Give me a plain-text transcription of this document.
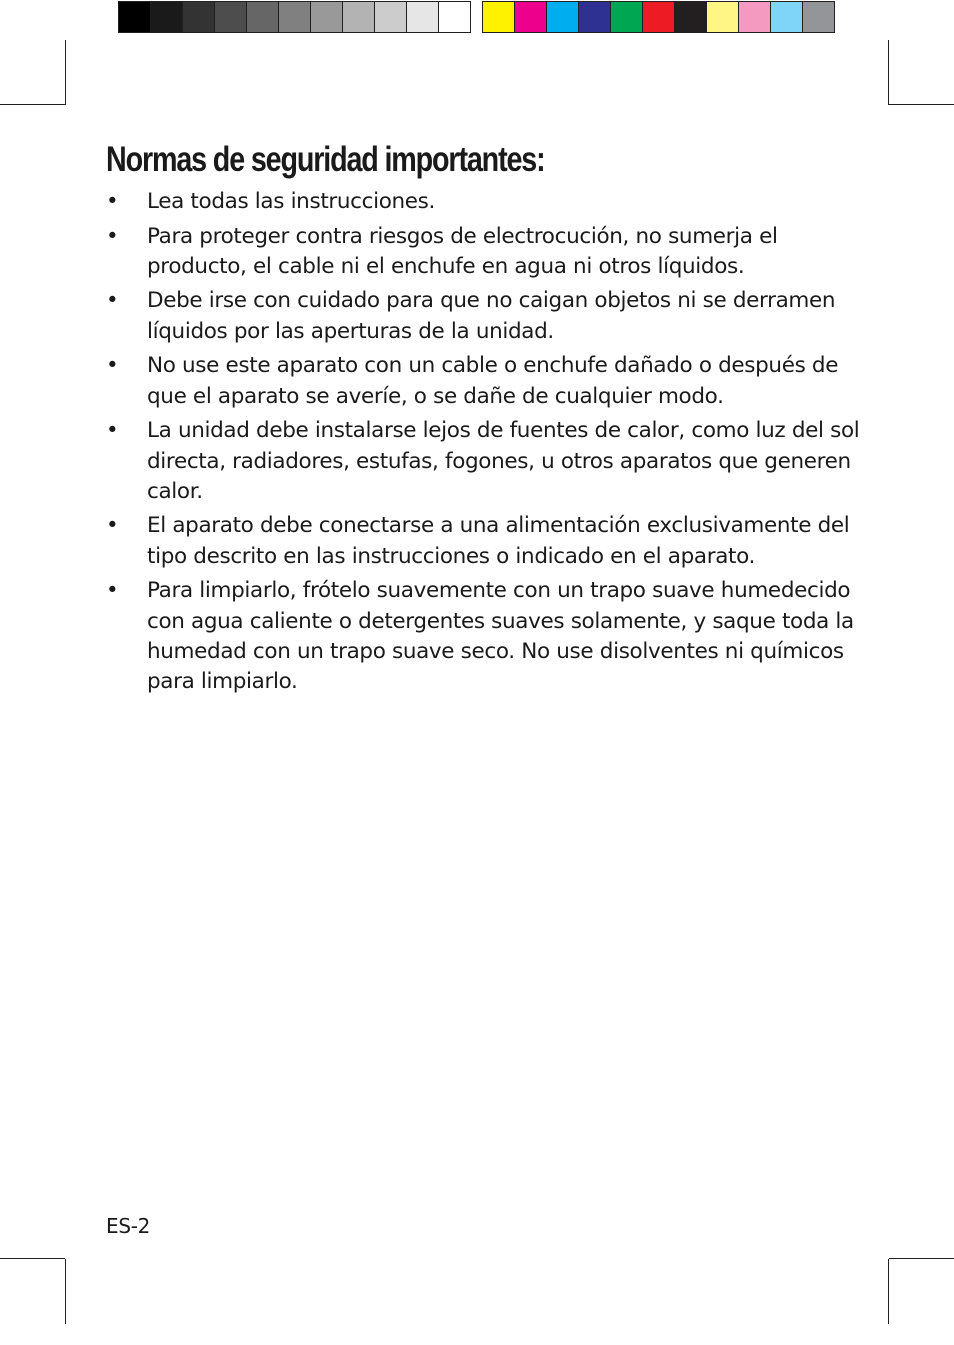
Normas de seguridad importantes:
• Lea todas las instrucciones.
• Para proteger contra riesgos de electrocución, no sumerja el producto, el cable ni el enchufe en agua ni otros líquidos.
• Debe irse con cuidado para que no caigan objetos ni se derramen líquidos por las aperturas de la unidad.
• No use este aparato con un cable o enchufe dañado o después de que el aparato se averíe, o se dañe de cualquier modo.
• La unidad debe instalarse lejos de fuentes de calor, como luz del sol directa, radiadores, estufas, fogones, u otros aparatos que generen calor.
• El aparato debe conectarse a una alimentación exclusivamente del tipo descrito en las instrucciones o indicado en el aparato.
• Para limpiarlo, frótelo suavemente con un trapo suave humedecido con agua caliente o detergentes suaves solamente, y saque toda la humedad con un trapo suave seco. No use disolventes ni químicos para limpiarlo.
ES-2
